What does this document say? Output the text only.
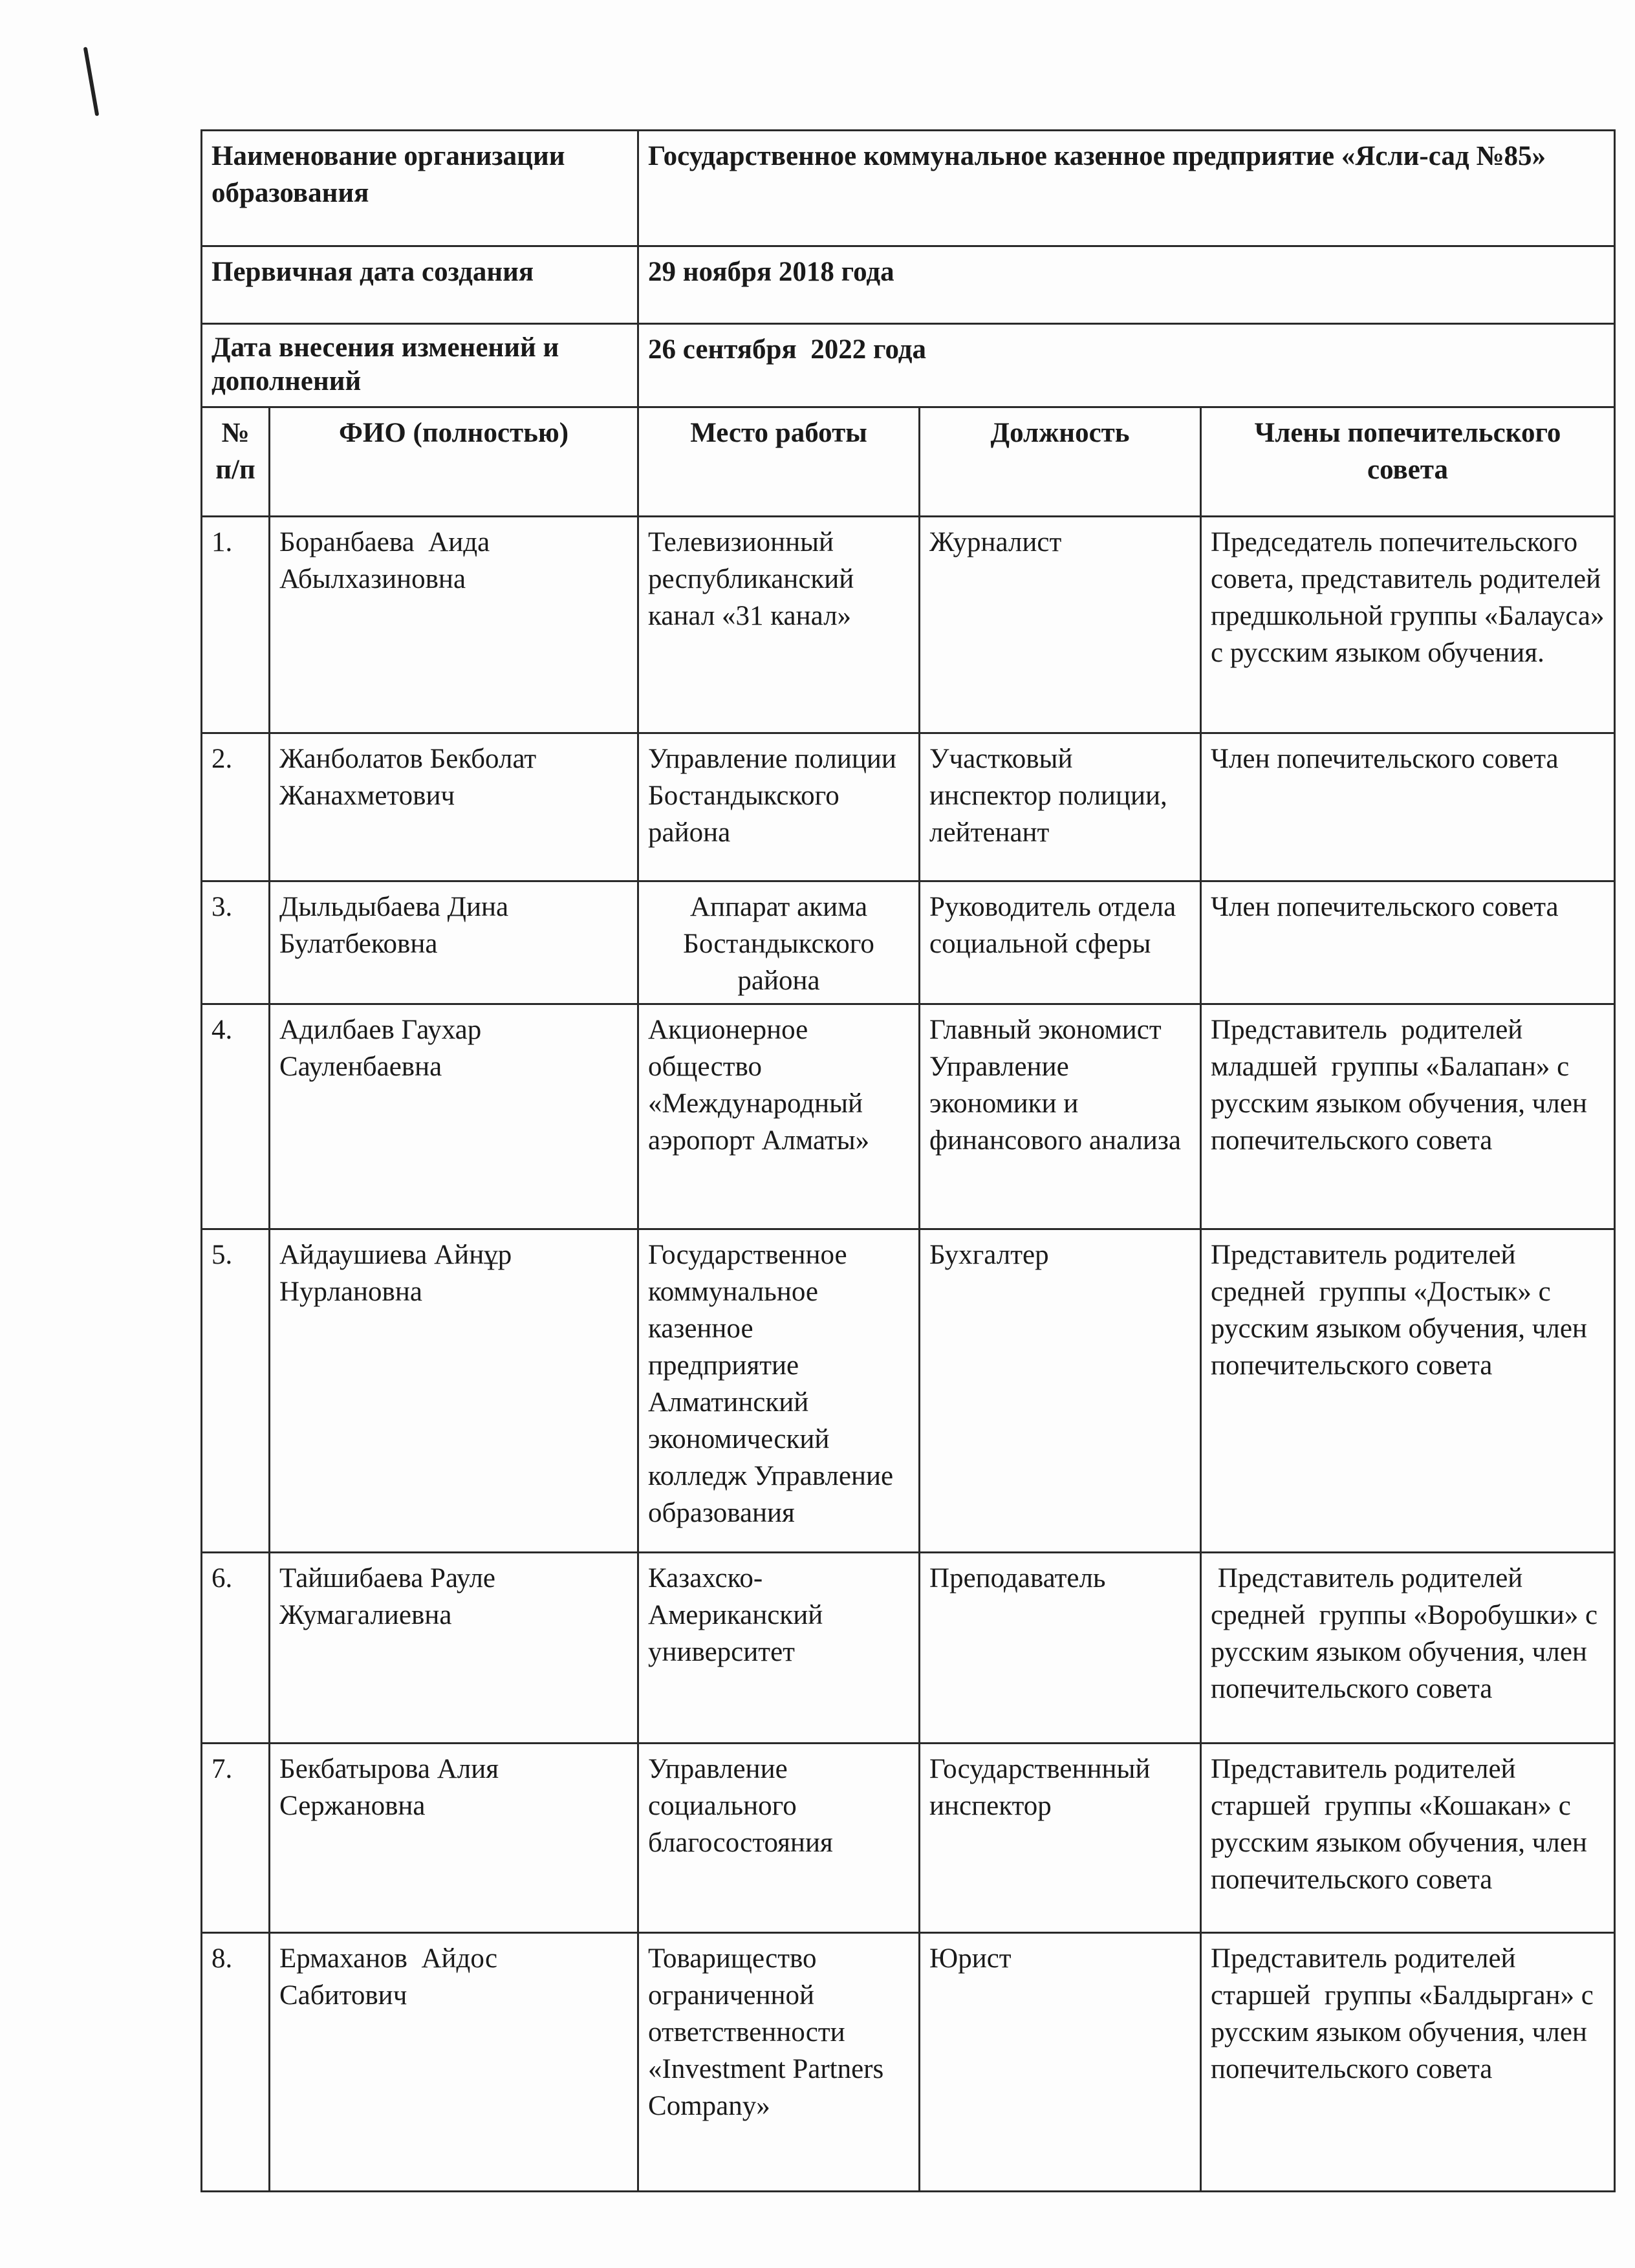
Наименование организации образования		Государственное коммунальное казенное предприятие «Ясли-сад №85»		
Первичная дата создания		29 ноября 2018 года		
Дата внесения изменений и дополнений		26 сентября  2022 года		
№ п/п	ФИО (полностью)	Место работы	Должность	Члены попечительского совета
1.	Боранбаева  Аида Абылхазиновна	Телевизионный республиканский канал «31 канал»	Журналист	Председатель попечительского совета, представитель родителей предшкольной группы «Балауса» с русским языком обучения.
2.	Жанболатов Бекболат Жанахметович	Управление полиции Бостандыкского района	Участковый инспектор полиции, лейтенант	Член попечительского совета
3.	Дыльдыбаева Дина Булатбековна	Аппарат акима Бостандыкского района	Руководитель отдела социальной сферы	Член попечительского совета
4.	Адилбаев Гаухар Сауленбаевна	Акционерное общество «Международный аэропорт Алматы»	Главный экономист Управление экономики и финансового анализа	Представитель  родителей младшей  группы «Балапан» с русским языком обучения, член попечительского совета
5.	Айдаушиева Айнұр Нурлановна	Государственное коммунальное казенное предприятие Алматинский экономический колледж Управление образования	Бухгалтер	Представитель родителей средней  группы «Достык» с русским языком обучения, член попечительского совета
6.	Тайшибаева Рауле Жумагалиевна	Казахско-Американский университет	Преподаватель	Представитель родителей средней  группы «Воробушки» с русским языком обучения, член попечительского совета
7.	Бекбатырова Алия Сержановна	Управление социального благосостояния	Государственнный инспектор	Представитель родителей старшей  группы «Кошакан» с русским языком обучения, член попечительского совета
8.	Ермаханов  Айдос Сабитович	Товарищество ограниченной ответственности «Investment Partners Company»	Юрист	Представитель родителей старшей  группы «Балдырган» с русским языком обучения, член попечительского совета
